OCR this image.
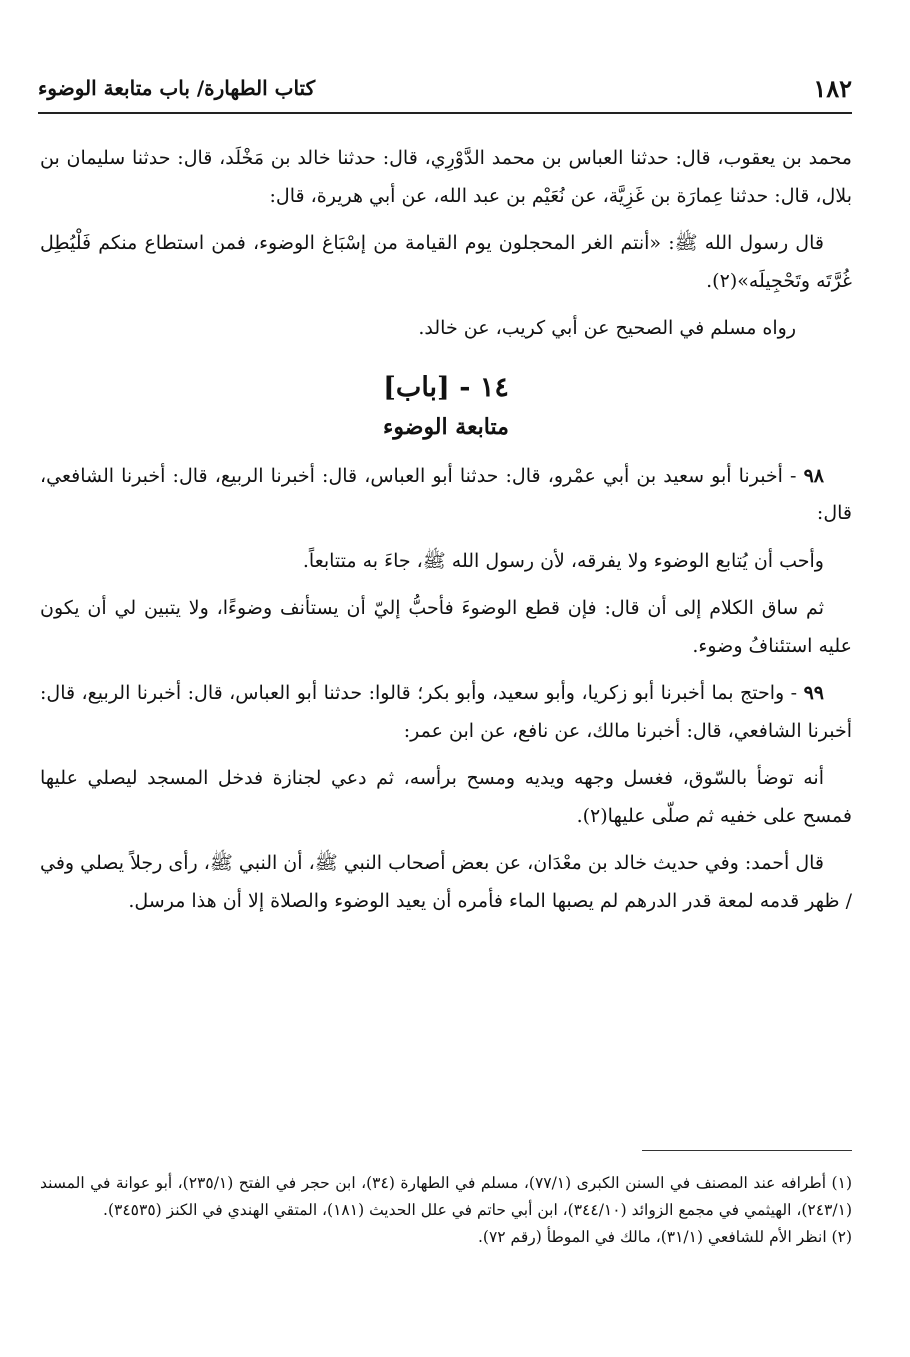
١٨٢
كتاب الطهارة/ باب متابعة الوضوء

محمد بن يعقوب، قال: حدثنا العباس بن محمد الدَّوْرِي، قال: حدثنا خالد بن مَخْلَد، قال: حدثنا سليمان بن بلال، قال: حدثنا عِمارَة بن غَزِيَّة، عن نُعَيْم بن عبد الله، عن أبي هريرة، قال:

قال رسول الله ﷺ: «أنتم الغر المحجلون يوم القيامة من إسْبَاغ الوضوء، فمن استطاع منكم فَلْيُطِل غُرَّتَه وتَحْجِيلَه»(٢).

رواه مسلم في الصحيح عن أبي كريب، عن خالد.

١٤ - [باب]
متابعة الوضوء

٩٨ - أخبرنا أبو سعيد بن أبي عمْرو، قال: حدثنا أبو العباس، قال: أخبرنا الربيع، قال: أخبرنا الشافعي، قال:

وأحب أن يُتابع الوضوء ولا يفرقه، لأن رسول الله ﷺ، جاءَ به متتابعاً.

ثم ساق الكلام إلى أن قال: فإن قطع الوضوءَ فأحبُّ إليّ أن يستأنف وضوءًا، ولا يتبين لي أن يكون عليه استئنافُ وضوء.

٩٩ - واحتج بما أخبرنا أبو زكريا، وأبو سعيد، وأبو بكر؛ قالوا: حدثنا أبو العباس، قال: أخبرنا الربيع، قال: أخبرنا الشافعي، قال: أخبرنا مالك، عن نافع، عن ابن عمر:

أنه توضأ بالسّوق، فغسل وجهه ويديه ومسح برأسه، ثم دعي لجنازة فدخل المسجد ليصلي عليها فمسح على خفيه ثم صلّى عليها(٢).

قال أحمد: وفي حديث خالد بن معْدَان، عن بعض أصحاب النبي ﷺ، أن النبي ﷺ، رأى رجلاً يصلي وفي / ظهر قدمه لمعة قدر الدرهم لم يصبها الماء فأمره أن يعيد الوضوء والصلاة إلا أن هذا مرسل.

(١) أطرافه عند المصنف في السنن الكبرى (٧٧/١)، مسلم في الطهارة (٣٤)، ابن حجر في الفتح (٢٣٥/١)، أبو عوانة في المسند (٢٤٣/١)، الهيثمي في مجمع الزوائد (٣٤٤/١٠)، ابن أبي حاتم في علل الحديث (١٨١)، المتقي الهندي في الكنز (٣٤٥٣٥).

(٢) انظر الأم للشافعي (٣١/١)، مالك في الموطأ (رقم ٧٢).
